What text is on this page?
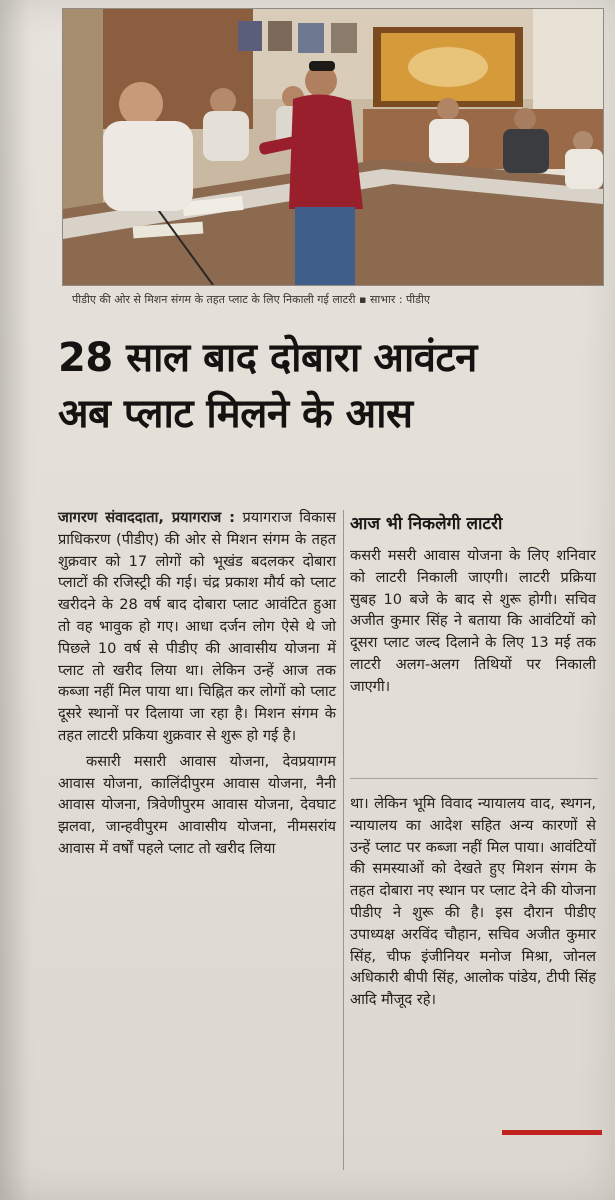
पीडीए की ओर से मिशन संगम के तहत प्लाट के लिए निकाली गई लाटरी ▪ साभार : पीडीए
28 साल बाद दोबारा आवंटन
अब प्लाट मिलने के आस

जागरण संवाददाता, प्रयागराज : प्रयागराज विकास प्राधिकरण (पीडीए) की ओर से मिशन संगम के तहत शुक्रवार को 17 लोगों को भूखंड बदलकर दोबारा प्लाटों की रजिस्ट्री की गई। चंद्र प्रकाश मौर्य को प्लाट खरीदने के 28 वर्ष बाद दोबारा प्लाट आवंटित हुआ तो वह भावुक हो गए। आधा दर्जन लोग ऐसे थे जो पिछले 10 वर्ष से पीडीए की आवासीय योजना में प्लाट तो खरीद लिया था। लेकिन उन्हें आज तक कब्जा नहीं मिल पाया था। चिह्नित कर लोगों को प्लाट दूसरे स्थानों पर दिलाया जा रहा है। मिशन संगम के तहत लाटरी प्रकिया शुक्रवार से शुरू हो गई है।

कसारी मसारी आवास योजना, देवप्रयागम आवास योजना, कालिंदीपुरम आवास योजना, नैनी आवास योजना, त्रिवेणीपुरम आवास योजना, देवघाट झलवा, जान्हवीपुरम आवासीय योजना, नीमसरांय आवास में वर्षों पहले प्लाट तो खरीद लिया

आज भी निकलेगी लाटरी

कसरी मसरी आवास योजना के लिए शनिवार को लाटरी निकाली जाएगी। लाटरी प्रक्रिया सुबह 10 बजे के बाद से शुरू होगी। सचिव अजीत कुमार सिंह ने बताया कि आवंटियों को दूसरा प्लाट जल्द दिलाने के लिए 13 मई तक लाटरी अलग-अलग तिथियों पर निकाली जाएगी।

था। लेकिन भूमि विवाद न्यायालय वाद, स्थगन, न्यायालय का आदेश सहित अन्य कारणों से उन्हें प्लाट पर कब्जा नहीं मिल पाया। आवंटियों की समस्याओं को देखते हुए मिशन संगम के तहत दोबारा नए स्थान पर प्लाट देने की योजना पीडीए ने शुरू की है। इस दौरान पीडीए उपाध्यक्ष अरविंद चौहान, सचिव अजीत कुमार सिंह, चीफ इंजीनियर मनोज मिश्रा, जोनल अधिकारी बीपी सिंह, आलोक पांडेय, टीपी सिंह आदि मौजूद रहे।
